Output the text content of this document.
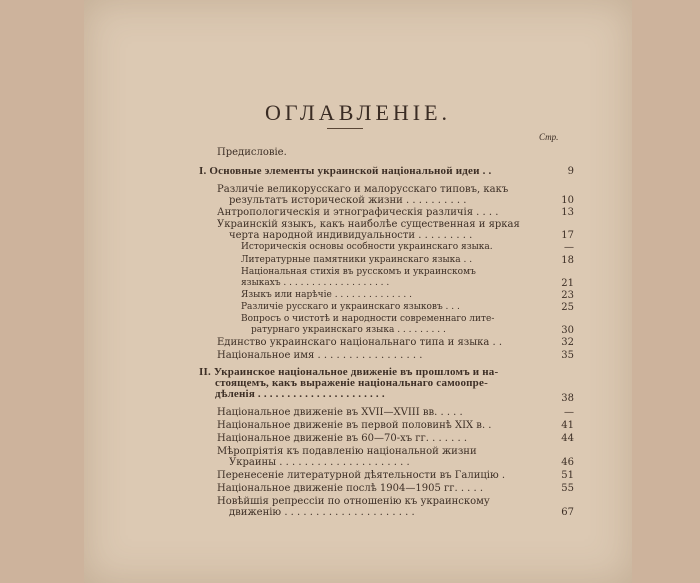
ОГЛАВЛЕНІЕ.
Стр.
Предисловіе.
I. Основные элементы украинской національной идеи . .	9
Различіе великорусскаго и малорусскаго типовъ, какъ
результатъ исторической жизни . . . . . . . . . .	10
Антропологическія и этнографическія различія . . . .	13
Украинскій языкъ, какъ наиболѣе существенная и яркая
черта народной индивидуальности . . . . . . . . .	17
Историческія основы особности украинскаго языка.	—
Литературные памятники украинскаго языка . .	18
Національная стихія въ русскомъ и украинскомъ
языкахъ . . . . . . . . . . . . . . . . . . .	21
Языкъ или нарѣчіе . . . . . . . . . . . . . .	23
Различіе русскаго и украинскаго языковъ . . .	25
Вопросъ о чистотѣ и народности современнаго лите-
ратурнаго украинскаго языка . . . . . . . . .	30
Единство украинскаго національнаго типа и языка . .	32
Національное имя . . . . . . . . . . . . . . . . .	35
II. Украинское національное движеніе въ прошломъ и на-
стоящемъ, какъ выраженіе національнаго самоопре-
дѣленія . . . . . . . . . . . . . . . . . . . . . .	38
Національное движеніе въ XVII—XVIII вв. . . . .	—
Національное движеніе въ первой половинѣ XIX в. .	41
Національное движеніе въ 60—70-хъ гг. . . . . . .	44
Мѣропріятія къ подавленію національной жизни
Украины . . . . . . . . . . . . . . . . . . . . .	46
Перенесеніе литературной дѣятельности въ Галицію .	51
Національное движеніе послѣ 1904—1905 гг. . . . .	55
Новѣйшія репрессіи по отношенію къ украинскому
движенію . . . . . . . . . . . . . . . . . . . . .	67
